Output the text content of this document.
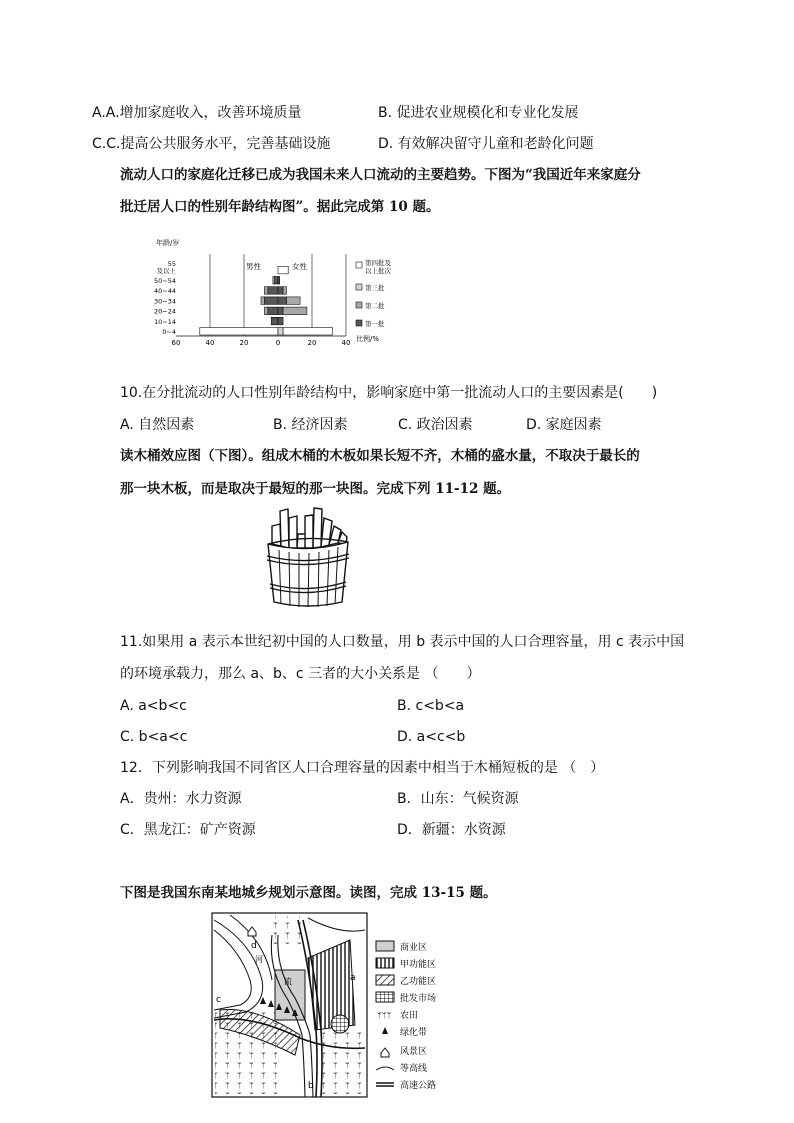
A.A.增加家庭收入，改善环境质量	B. 促进农业规模化和专业化发展
C.C.提高公共服务水平，完善基础设施	D. 有效解决留守儿童和老龄化问题
流动人口的家庭化迁移已成为我国未来人口流动的主要趋势。下图为“我国近年来家庭分
批迁居人口的性别年龄结构图”。据此完成第 10 题。
60	40	20	0	20	40
0~4
10~14
20~24
30~34
40~44
50~54
55
及以上
第四批及
以上批次
第三批
第二批
第一批
年龄/岁
比例/%
男性	女性
10.在分批流动的人口性别年龄结构中，影响家庭中第一批流动人口的主要因素是(　　)
A. 自然因素	B. 经济因素	C. 政治因素	D. 家庭因素
读木桶效应图（下图）。组成木桶的木板如果长短不齐，木桶的盛水量，不取决于最长的
那一块木板，而是取决于最短的那一块图。完成下列 11-12 题。
11.如果用 a 表示本世纪初中国的人口数量，用 b 表示中国的人口合理容量，用 c 表示中国
的环境承载力，那么 a、b、c 三者的大小关系是 （　　）
A. a<b<c	B. c<b<a
C. b<a<c	D. a<c<b
12．下列影响我国不同省区人口合理容量的因素中相当于木桶短板的是 （　）
A．贵州：水力资源	B．山东：气候资源
C．黑龙江：矿产资源	D．新疆：水资源
下图是我国东南某地城乡规划示意图。读图，完成 13-15 题。
d
河
流	a
c
b
ᛘᛘᛘ
商业区
甲功能区
乙功能区
批发市场
农田
绿化带
风景区
等高线
高速公路
